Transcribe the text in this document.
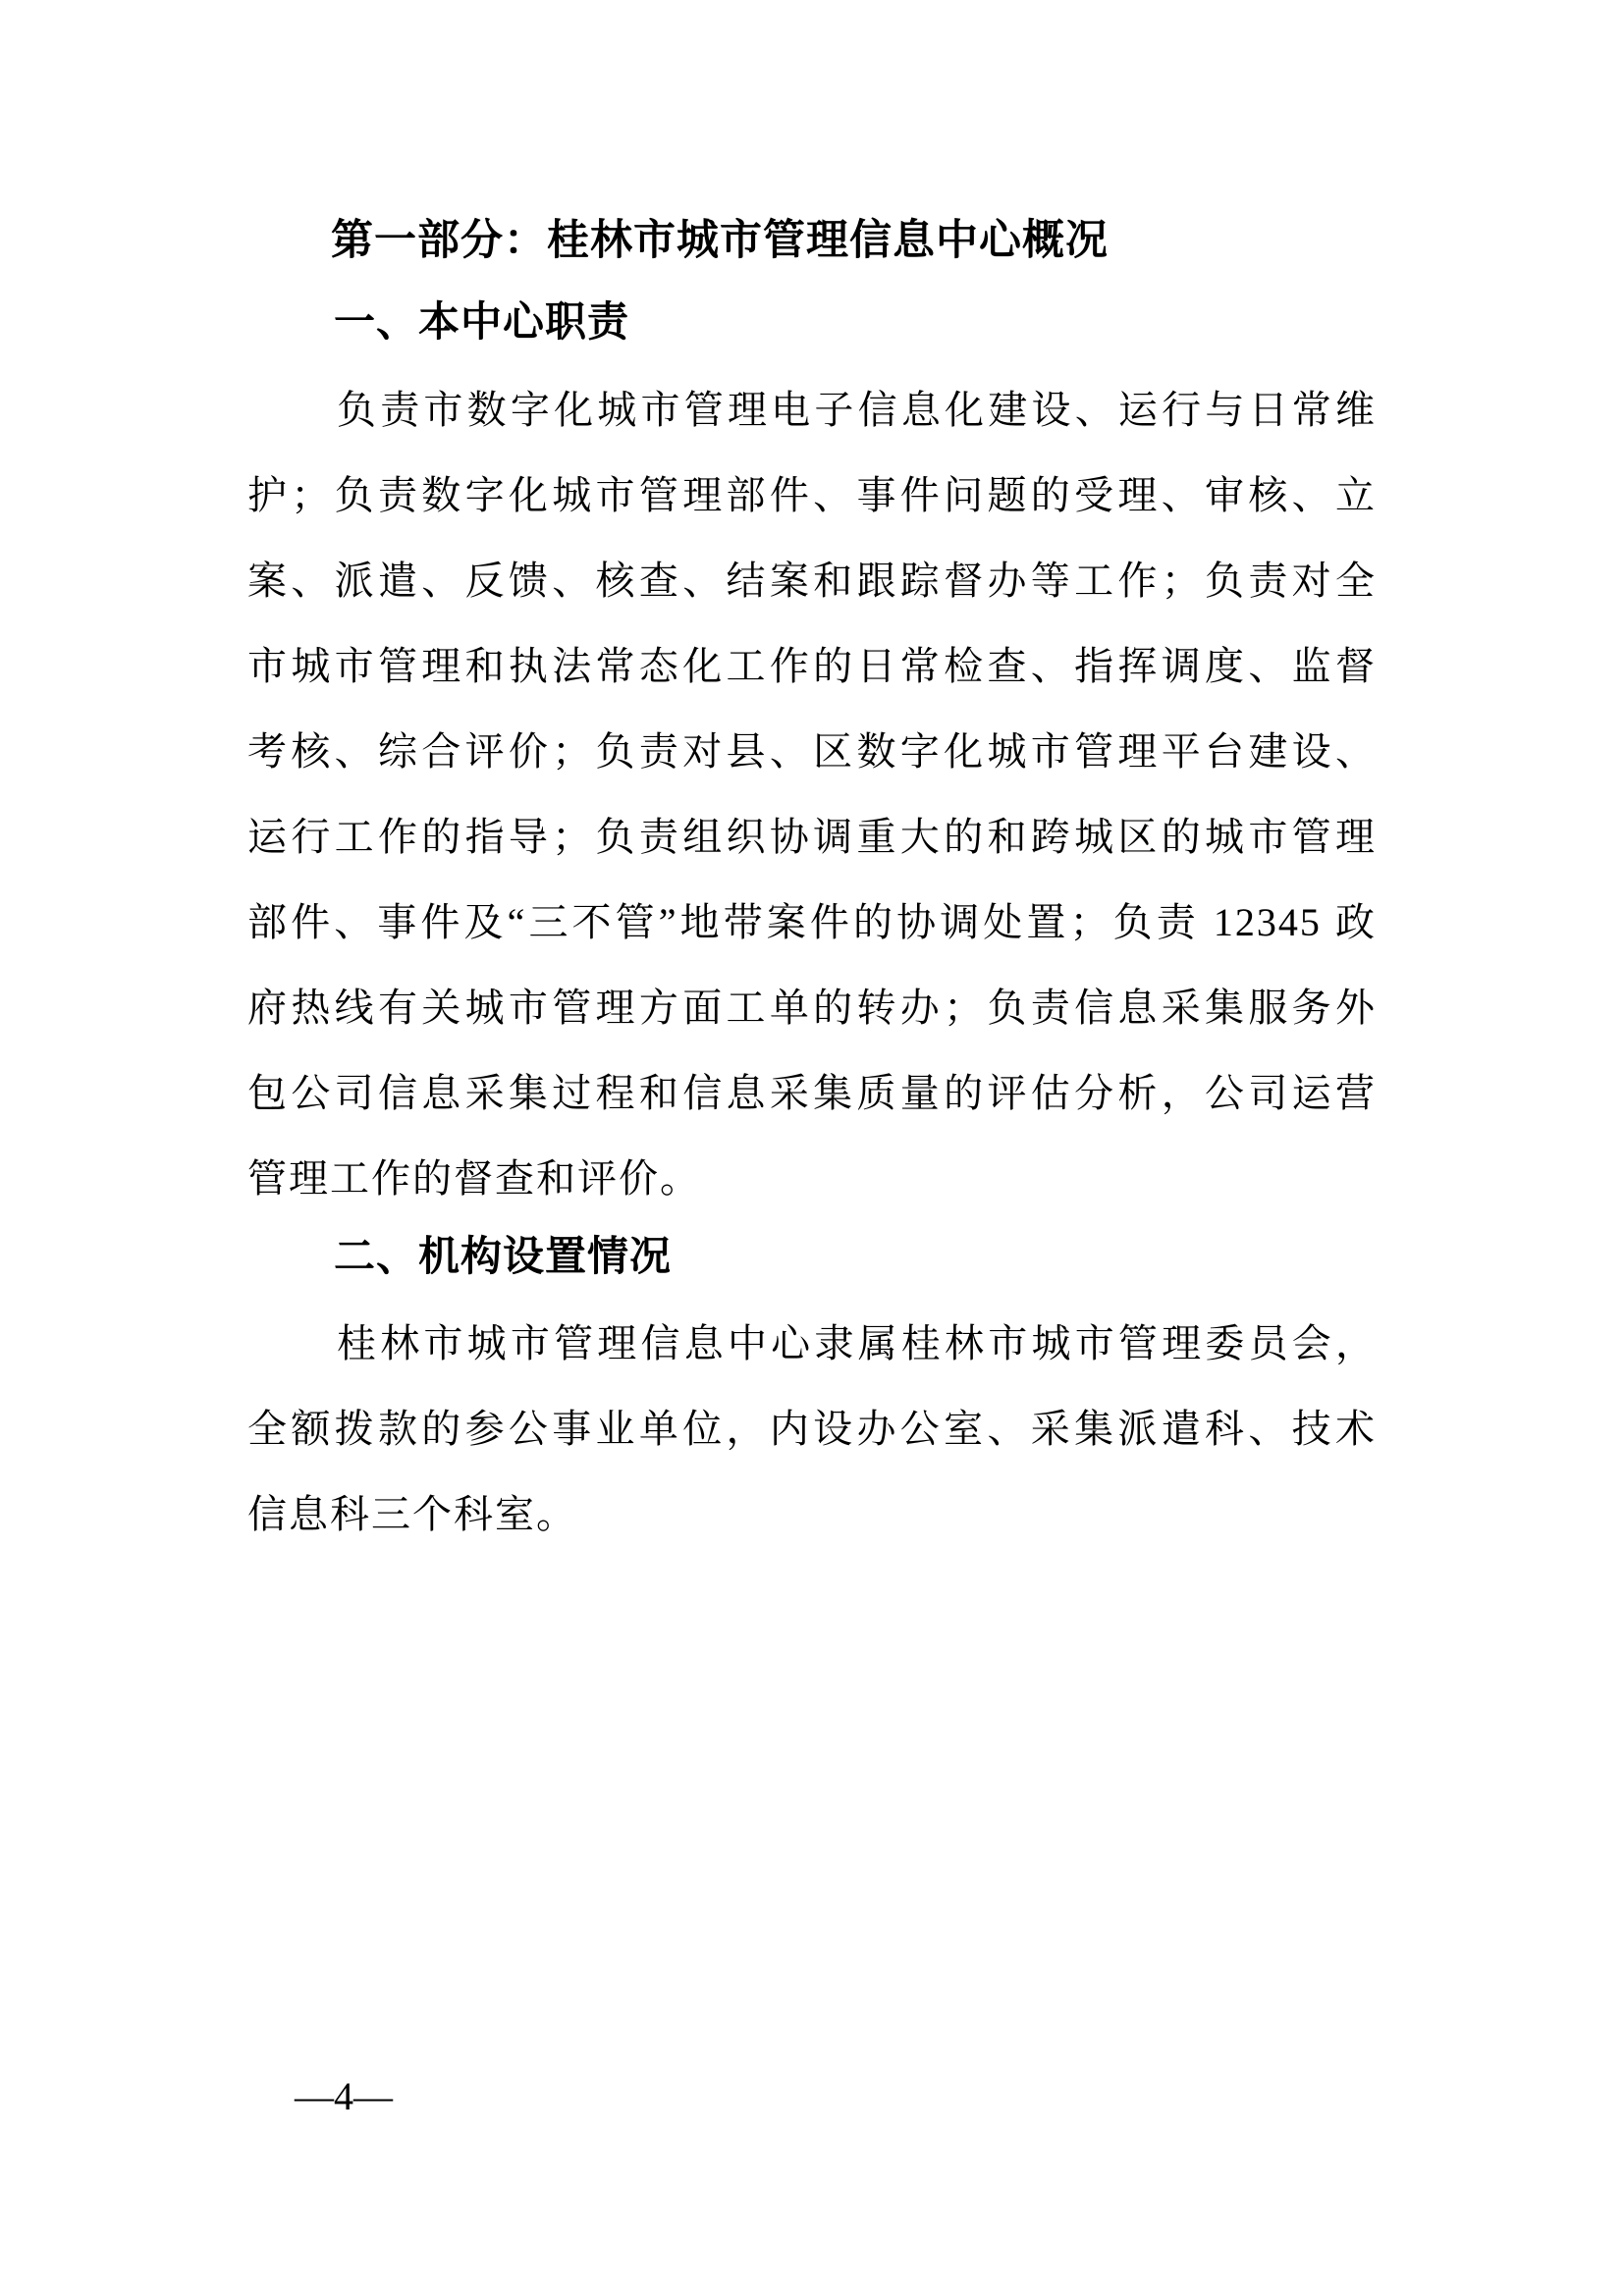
第一部分：桂林市城市管理信息中心概况
一、本中心职责
负责市数字化城市管理电子信息化建设、运行与日常维
护；负责数字化城市管理部件、事件问题的受理、审核、立
案、派遣、反馈、核查、结案和跟踪督办等工作；负责对全
市城市管理和执法常态化工作的日常检查、指挥调度、监督
考核、综合评价；负责对县、区数字化城市管理平台建设、
运行工作的指导；负责组织协调重大的和跨城区的城市管理
部件、事件及“三不管”地带案件的协调处置；负责 12345 政
府热线有关城市管理方面工单的转办；负责信息采集服务外
包公司信息采集过程和信息采集质量的评估分析，公司运营
管理工作的督查和评价。
二、机构设置情况
桂林市城市管理信息中心隶属桂林市城市管理委员会，
全额拨款的参公事业单位，内设办公室、采集派遣科、技术
信息科三个科室。
—4—
